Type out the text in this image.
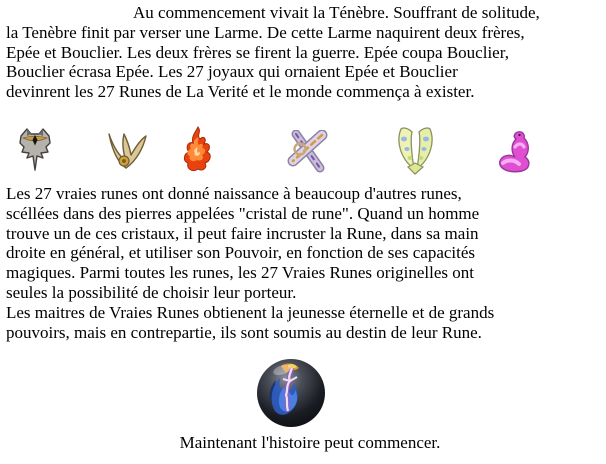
Au commencement vivait la Ténèbre. Souffrant de solitude,
la Tenèbre finit par verser une Larme. De cette Larme naquirent deux frères,
Epée et Bouclier. Les deux frères se firent la guerre. Epée coupa Bouclier,
Bouclier écrasa Epée. Les 27 joyaux qui ornaient Epée et Bouclier
devinrent les 27 Runes de La Verité et le monde commença à exister.
Les 27 vraies runes ont donné naissance à beaucoup d'autres runes,
scéllées dans des pierres appelées "cristal de rune". Quand un homme
trouve un de ces cristaux, il peut faire incruster la Rune, dans sa main
droite en général, et utiliser son Pouvoir, en fonction de ses capacités
magiques. Parmi toutes les runes, les 27 Vraies Runes originelles ont
seules la possibilité de choisir leur porteur.
Les maitres de Vraies Runes obtienent la jeunesse éternelle et de grands
pouvoirs, mais en contrepartie, ils sont soumis au destin de leur Rune.
Maintenant l'histoire peut commencer.
